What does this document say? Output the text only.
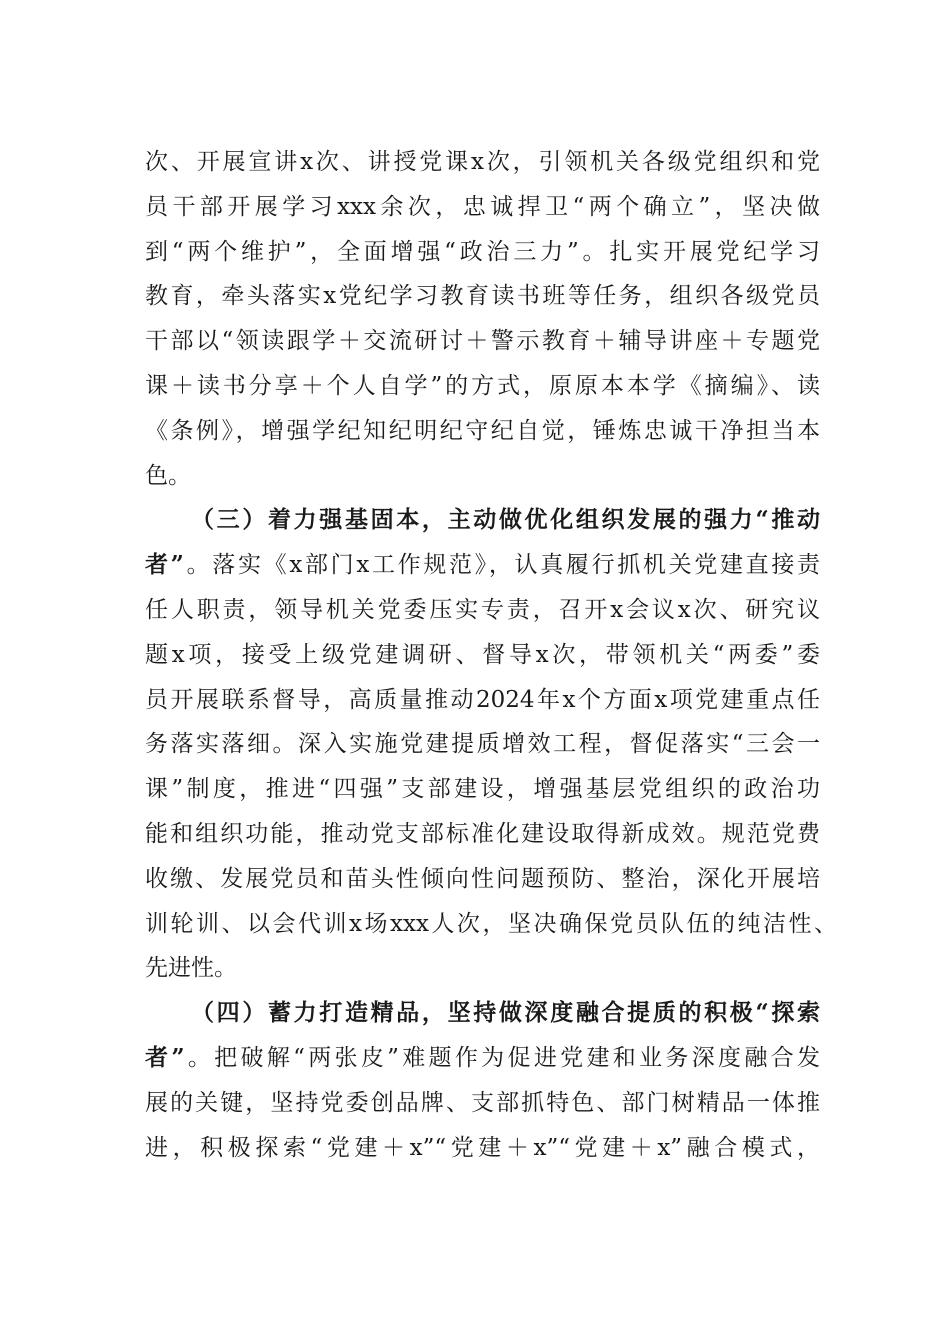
次、开展宣讲x次、讲授党课x次，引领机关各级党组织和党
员干部开展学习xxx余次，忠诚捍卫“两个确立”，坚决做
到“两个维护”，全面增强“政治三力”。扎实开展党纪学习
教育，牵头落实x党纪学习教育读书班等任务，组织各级党员
干部以“领读跟学＋交流研讨＋警示教育＋辅导讲座＋专题党
课＋读书分享＋个人自学”的方式，原原本本学《摘编》、读
《条例》，增强学纪知纪明纪守纪自觉，锤炼忠诚干净担当本
色。
（三）着力强基固本，主动做优化组织发展的强力“推动
者”。落实《x部门x工作规范》，认真履行抓机关党建直接责
任人职责，领导机关党委压实专责，召开x会议x次、研究议
题x项，接受上级党建调研、督导x次，带领机关“两委”委
员开展联系督导，高质量推动2024年x个方面x项党建重点任
务落实落细。深入实施党建提质增效工程，督促落实“三会一
课”制度，推进“四强”支部建设，增强基层党组织的政治功
能和组织功能，推动党支部标准化建设取得新成效。规范党费
收缴、发展党员和苗头性倾向性问题预防、整治，深化开展培
训轮训、以会代训x场xxx人次，坚决确保党员队伍的纯洁性、
先进性。
（四）蓄力打造精品，坚持做深度融合提质的积极“探索
者”。把破解“两张皮”难题作为促进党建和业务深度融合发
展的关键，坚持党委创品牌、支部抓特色、部门树精品一体推
进，积极探索“党建＋x”“党建＋x”“党建＋x”融合模式，
